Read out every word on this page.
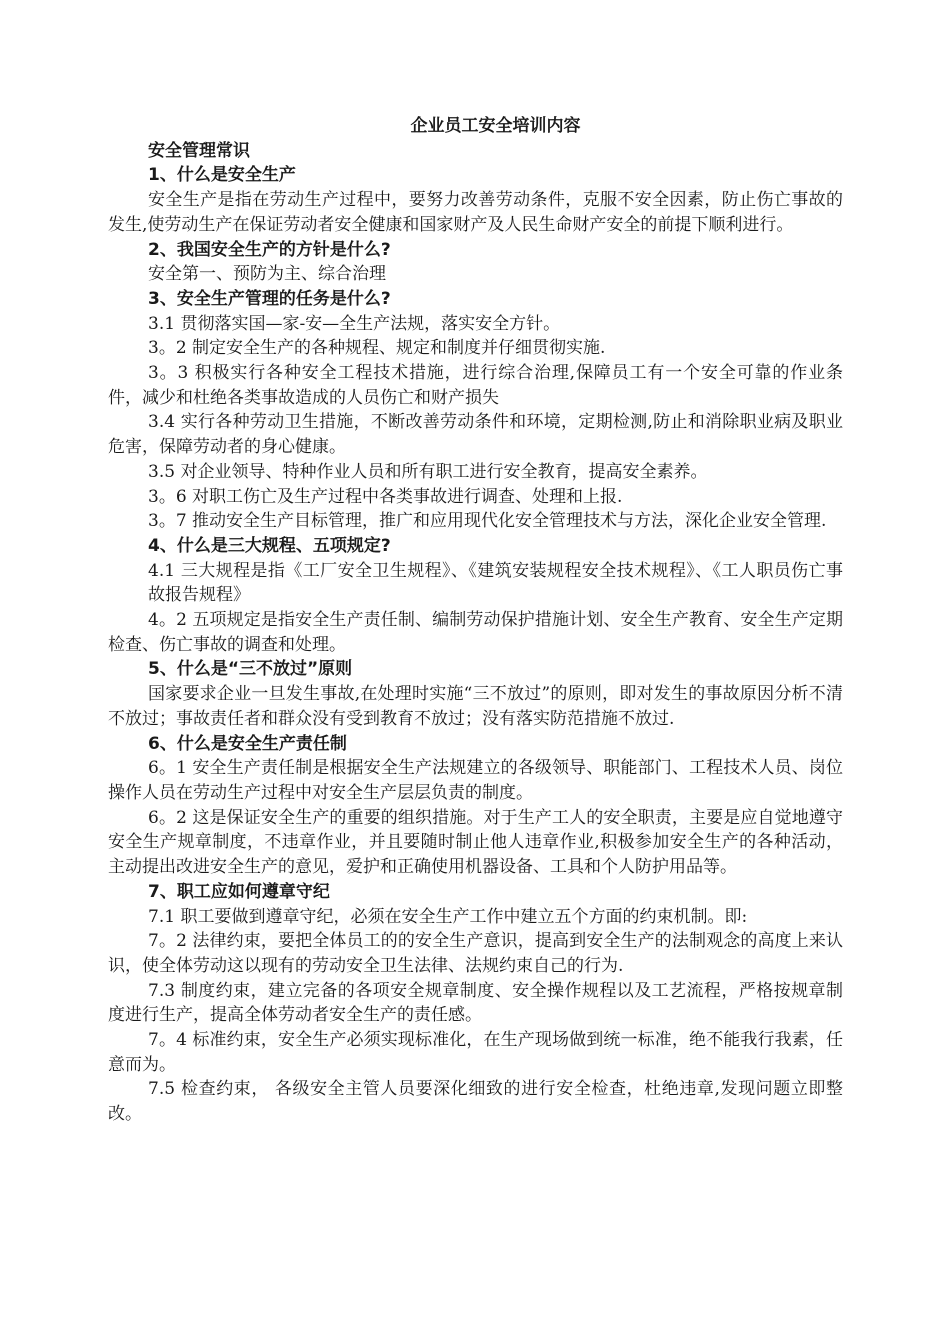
企业员工安全培训内容
安全管理常识
1、什么是安全生产
安全生产是指在劳动生产过程中，要努力改善劳动条件，克服不安全因素，防止伤亡事故的发生,使劳动生产在保证劳动者安全健康和国家财产及人民生命财产安全的前提下顺利进行。
2、我国安全生产的方针是什么?
安全第一、预防为主、综合治理
3、安全生产管理的任务是什么?
3.1 贯彻落实国—家-安—全生产法规，落实安全方针。
3。2 制定安全生产的各种规程、规定和制度并仔细贯彻实施.
3。3 积极实行各种安全工程技术措施，进行综合治理,保障员工有一个安全可靠的作业条件，减少和杜绝各类事故造成的人员伤亡和财产损失
3.4 实行各种劳动卫生措施，不断改善劳动条件和环境，定期检测,防止和消除职业病及职业危害，保障劳动者的身心健康。
3.5 对企业领导、特种作业人员和所有职工进行安全教育，提高安全素养。
3。6 对职工伤亡及生产过程中各类事故进行调查、处理和上报.
3。7 推动安全生产目标管理，推广和应用现代化安全管理技术与方法，深化企业安全管理.
4、什么是三大规程、五项规定?
4.1 三大规程是指《工厂安全卫生规程》、《建筑安装规程安全技术规程》、《工人职员伤亡事故报告规程》
4。2 五项规定是指安全生产责任制、编制劳动保护措施计划、安全生产教育、安全生产定期检查、伤亡事故的调查和处理。
5、什么是“三不放过”原则
国家要求企业一旦发生事故,在处理时实施“三不放过”的原则，即对发生的事故原因分析不清不放过；事故责任者和群众没有受到教育不放过；没有落实防范措施不放过.
6、什么是安全生产责任制
6。1 安全生产责任制是根据安全生产法规建立的各级领导、职能部门、工程技术人员、岗位操作人员在劳动生产过程中对安全生产层层负责的制度。
6。2 这是保证安全生产的重要的组织措施。对于生产工人的安全职责，主要是应自觉地遵守安全生产规章制度，不违章作业，并且要随时制止他人违章作业,积极参加安全生产的各种活动，主动提出改进安全生产的意见，爱护和正确使用机器设备、工具和个人防护用品等。
7、职工应如何遵章守纪
7.1 职工要做到遵章守纪，必须在安全生产工作中建立五个方面的约束机制。即:
7。2 法律约束，要把全体员工的的安全生产意识，提高到安全生产的法制观念的高度上来认识，使全体劳动这以现有的劳动安全卫生法律、法规约束自己的行为.
7.3 制度约束，建立完备的各项安全规章制度、安全操作规程以及工艺流程，严格按规章制度进行生产，提高全体劳动者安全生产的责任感。
7。4 标准约束，安全生产必须实现标准化，在生产现场做到统一标准，绝不能我行我素，任意而为。
7.5 检查约束， 各级安全主管人员要深化细致的进行安全检查，杜绝违章,发现问题立即整改。
